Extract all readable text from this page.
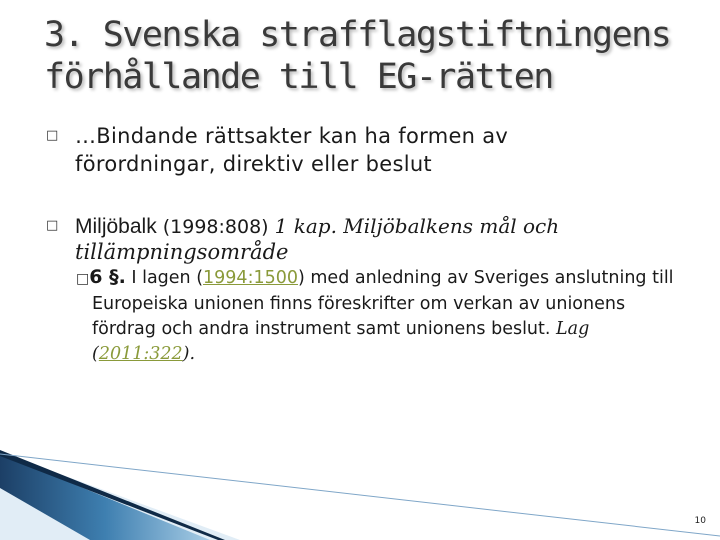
3. Svenska strafflagstiftningens
förhållande till EG-rätten
□ …Bindande rättsakter kan ha formen av
förordningar, direktiv eller beslut
□ Miljöbalk (1998:808) 1 kap. Miljöbalkens mål och
tillämpningsområde
□6 §. I lagen (1994:1500) med anledning av Sveriges anslutning till Europeiska unionen finns föreskrifter om verkan av unionens fördrag och andra instrument samt unionens beslut. Lag (2011:322).
10
